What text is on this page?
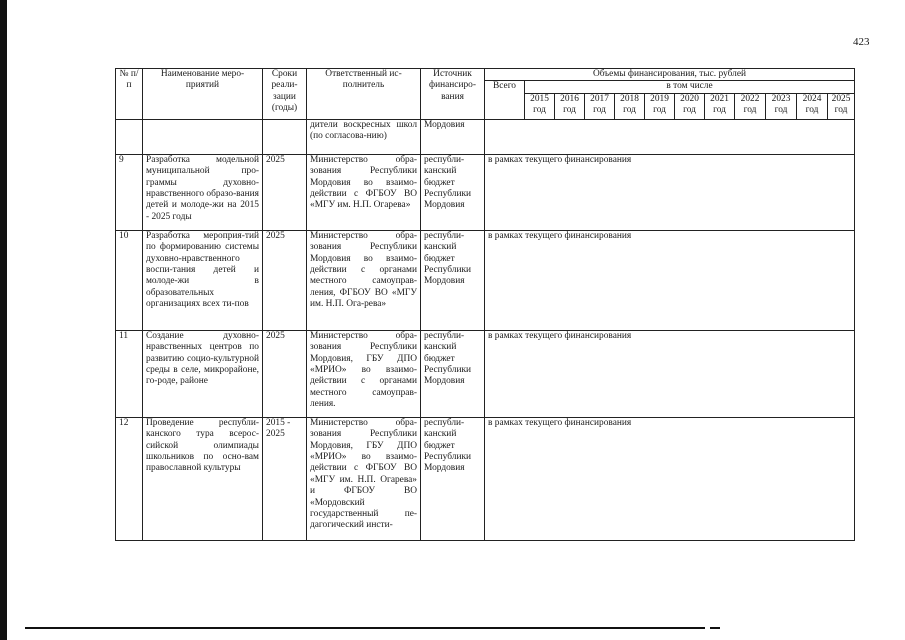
423
№ п/п	Наименование меро-приятий	Сроки реали-зации (годы)	Ответственный ис-полнитель	Источник финансиро-вания	Объемы финансирования, тыс. рублей											
					Всего	в том числе										
						2015 год	2016 год	2017 год	2018 год	2019 год	2020 год	2021 год	2022 год	2023 год	2024 год	2025 год
			дители воскресных школ (по согласова-нию)	Мордовия												
9	Разработка модельной муниципальной про-граммы духовно-нравственного образо-вания детей и молоде-жи на 2015 - 2025 годы	2025	Министерство обра-зования Республики Мордовия во взаимо-действии с ФГБОУ ВО «МГУ им. Н.П. Огарева»	республи-канский бюджет Республики Мордовия	в рамках текущего финансирования											
10	Разработка мероприя-тий по формированию системы духовно-нравственного воспи-тания детей и молоде-жи в образовательных организациях всех ти-пов	2025	Министерство обра-зования Республики Мордовия во взаимо-действии с органами местного самоуправ-ления, ФГБОУ ВО «МГУ им. Н.П. Ога-рева»	республи-канский бюджет Республики Мордовия	в рамках текущего финансирования											
11	Создание духовно-нравственных центров по развитию социо-культурной среды в селе, микрорайоне, го-роде, районе	2025	Министерство обра-зования Республики Мордовия, ГБУ ДПО «МРИО» во взаимо-действии с органами местного самоуправ-ления.	республи-канский бюджет Республики Мордовия	в рамках текущего финансирования											
12	Проведение республи-канского тура всерос-сийской олимпиады школьников по осно-вам православной культуры	2015 - 2025	Министерство обра-зования Республики Мордовия, ГБУ ДПО «МРИО» во взаимо-действии с ФГБОУ ВО «МГУ им. Н.П. Огарева» и ФГБОУ ВО «Мордовский государственный пе-дагогический инсти-	республи-канский бюджет Республики Мордовия	в рамках текущего финансирования											
